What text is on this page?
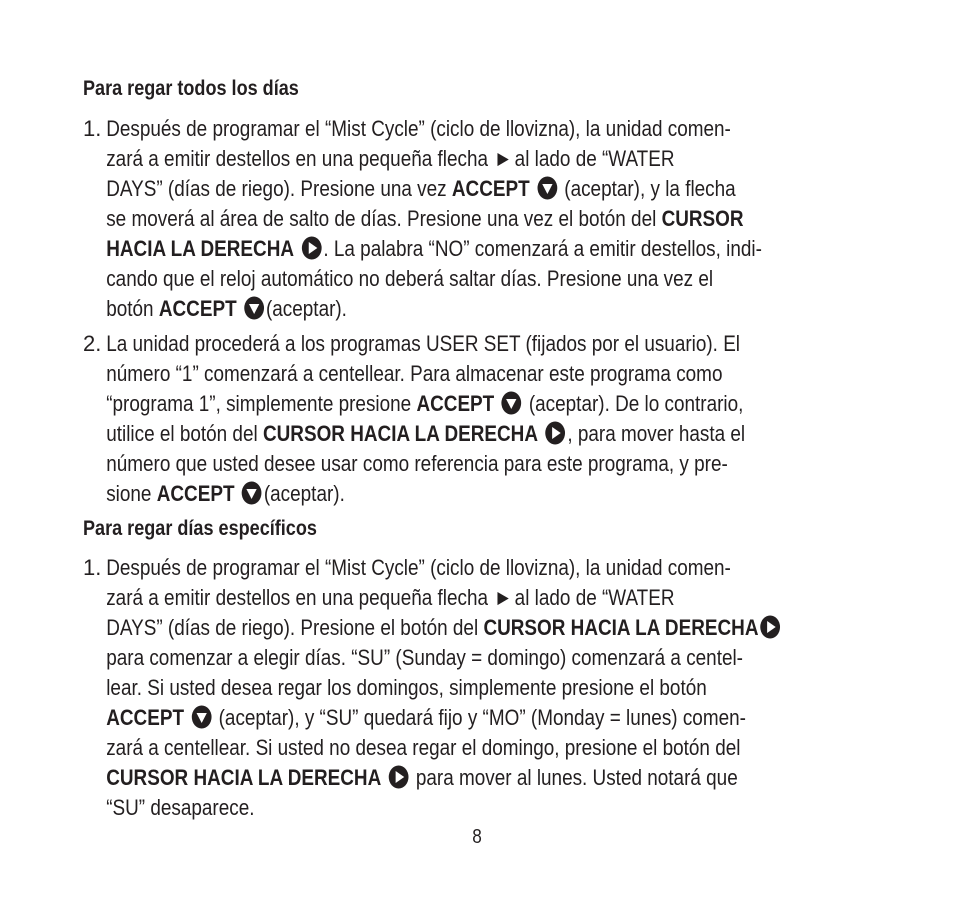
Para regar todos los días
1. Después de programar el “Mist Cycle” (ciclo de llovizna), la unidad comen-
zará a emitir destellos en una pequeña flecha al lado de “WATER
DAYS” (días de riego). Presione una vez ACCEPT (aceptar), y la flecha
se moverá al área de salto de días. Presione una vez el botón del CURSOR
HACIA LA DERECHA . La palabra “NO” comenzará a emitir destellos, indi-
cando que el reloj automático no deberá saltar días. Presione una vez el
botón ACCEPT (aceptar).
2. La unidad procederá a los programas USER SET (fijados por el usuario). El
número “1” comenzará a centellear. Para almacenar este programa como
“programa 1”, simplemente presione ACCEPT (aceptar). De lo contrario,
utilice el botón del CURSOR HACIA LA DERECHA , para mover hasta el
número que usted desee usar como referencia para este programa, y pre-
sione ACCEPT (aceptar).
Para regar días específicos
1. Después de programar el “Mist Cycle” (ciclo de llovizna), la unidad comen-
zará a emitir destellos en una pequeña flecha al lado de “WATER
DAYS” (días de riego). Presione el botón del CURSOR HACIA LA DERECHA
para comenzar a elegir días. “SU” (Sunday = domingo) comenzará a centel-
lear. Si usted desea regar los domingos, simplemente presione el botón
ACCEPT (aceptar), y “SU” quedará fijo y “MO” (Monday = lunes) comen-
zará a centellear. Si usted no desea regar el domingo, presione el botón del
CURSOR HACIA LA DERECHA para mover al lunes. Usted notará que
“SU” desaparece.
8
